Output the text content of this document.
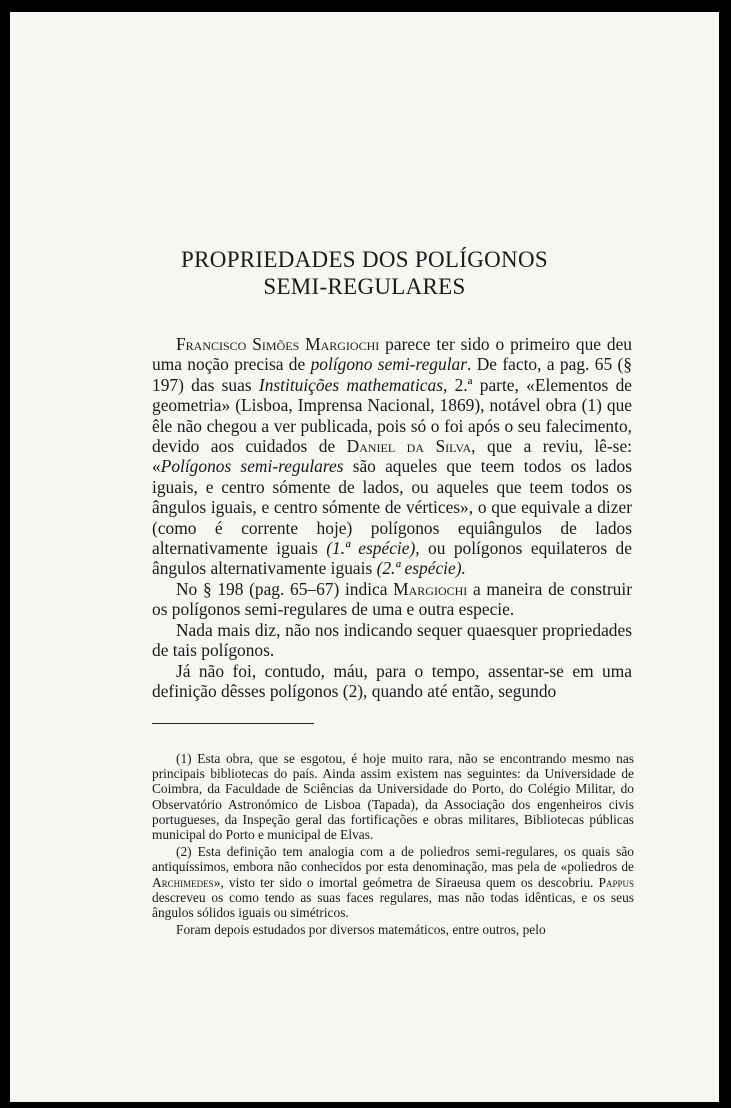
PROPRIEDADES DOS POLÍGONOS
SEMI-REGULARES

Francisco Simões Margiochi parece ter sido o primeiro que deu uma noção precisa de polígono semi-regular. De facto, a pag. 65 (§ 197) das suas Instituições mathematicas, 2.ª parte, «Elementos de geometria» (Lisboa, Imprensa Nacional, 1869), notável obra (1) que êle não chegou a ver publicada, pois só o foi após o seu falecimento, devido aos cuidados de Daniel da Silva, que a reviu, lê-se: «Polígonos semi-regulares são aqueles que teem todos os lados iguais, e centro sómente de lados, ou aqueles que teem todos os ângulos iguais, e centro sómente de vértices», o que equivale a dizer (como é corrente hoje) polígonos equiângulos de lados alternativamente iguais (1.ª espécie), ou polígonos equilateros de ângulos alternativamente iguais (2.ª espécie).

No § 198 (pag. 65–67) indica Margiochi a maneira de construir os polígonos semi-regulares de uma e outra especie.

Nada mais diz, não nos indicando sequer quaesquer propriedades de tais polígonos.

Já não foi, contudo, máu, para o tempo, assentar-se em uma definição dêsses polígonos (2), quando até então, segundo

(1) Esta obra, que se esgotou, é hoje muito rara, não se encontrando mesmo nas principais bibliotecas do país. Ainda assim existem nas seguintes: da Universidade de Coimbra, da Faculdade de Sciências da Universidade do Porto, do Colégio Militar, do Observatório Astronómico de Lisboa (Tapada), da Associação dos engenheiros civis portugueses, da Inspeção geral das fortificações e obras militares, Bibliotecas públicas municipal do Porto e municipal de Elvas.

(2) Esta definição tem analogia com a de poliedros semi-regulares, os quais são antiquíssimos, embora não conhecidos por esta denominação, mas pela de «poliedros de Archimedes», visto ter sido o imortal geómetra de Siraeusa quem os descobriu. Pappus descreveu os como tendo as suas faces regulares, mas não todas idênticas, e os seus ângulos sólidos iguais ou simétricos.

Foram depois estudados por diversos matemáticos, entre outros, pelo
